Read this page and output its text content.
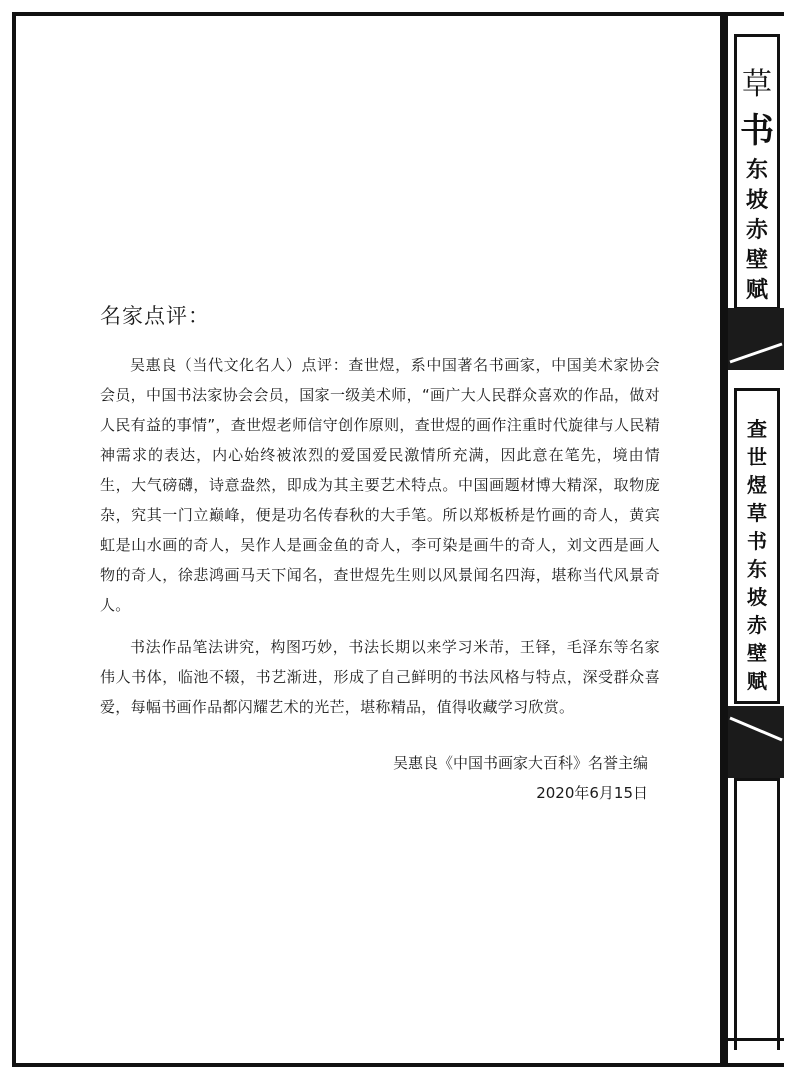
草
书
东
坡
赤
壁
赋
查
世
煜
草
书
东
坡
赤
壁
赋
名家点评：

吴惠良（当代文化名人）点评：查世煜，系中国著名书画家，中国美术家协会会员，中国书法家协会会员，国家一级美术师，“画广大人民群众喜欢的作品，做对人民有益的事情”，查世煜老师信守创作原则，查世煜的画作注重时代旋律与人民精神需求的表达，内心始终被浓烈的爱国爱民激情所充满，因此意在笔先，境由情生，大气磅礴，诗意盎然，即成为其主要艺术特点。中国画题材博大精深，取物庞杂，究其一门立巅峰，便是功名传春秋的大手笔。所以郑板桥是竹画的奇人，黄宾虹是山水画的奇人，吴作人是画金鱼的奇人，李可染是画牛的奇人，刘文西是画人物的奇人，徐悲鸿画马天下闻名，查世煜先生则以风景闻名四海，堪称当代风景奇人。

书法作品笔法讲究，构图巧妙，书法长期以来学习米芾，王铎，毛泽东等名家伟人书体，临池不辍，书艺渐进，形成了自己鲜明的书法风格与特点，深受群众喜爱，每幅书画作品都闪耀艺术的光芒，堪称精品，值得收藏学习欣赏。

吴惠良《中国书画家大百科》名誉主编
2020年6月15日
